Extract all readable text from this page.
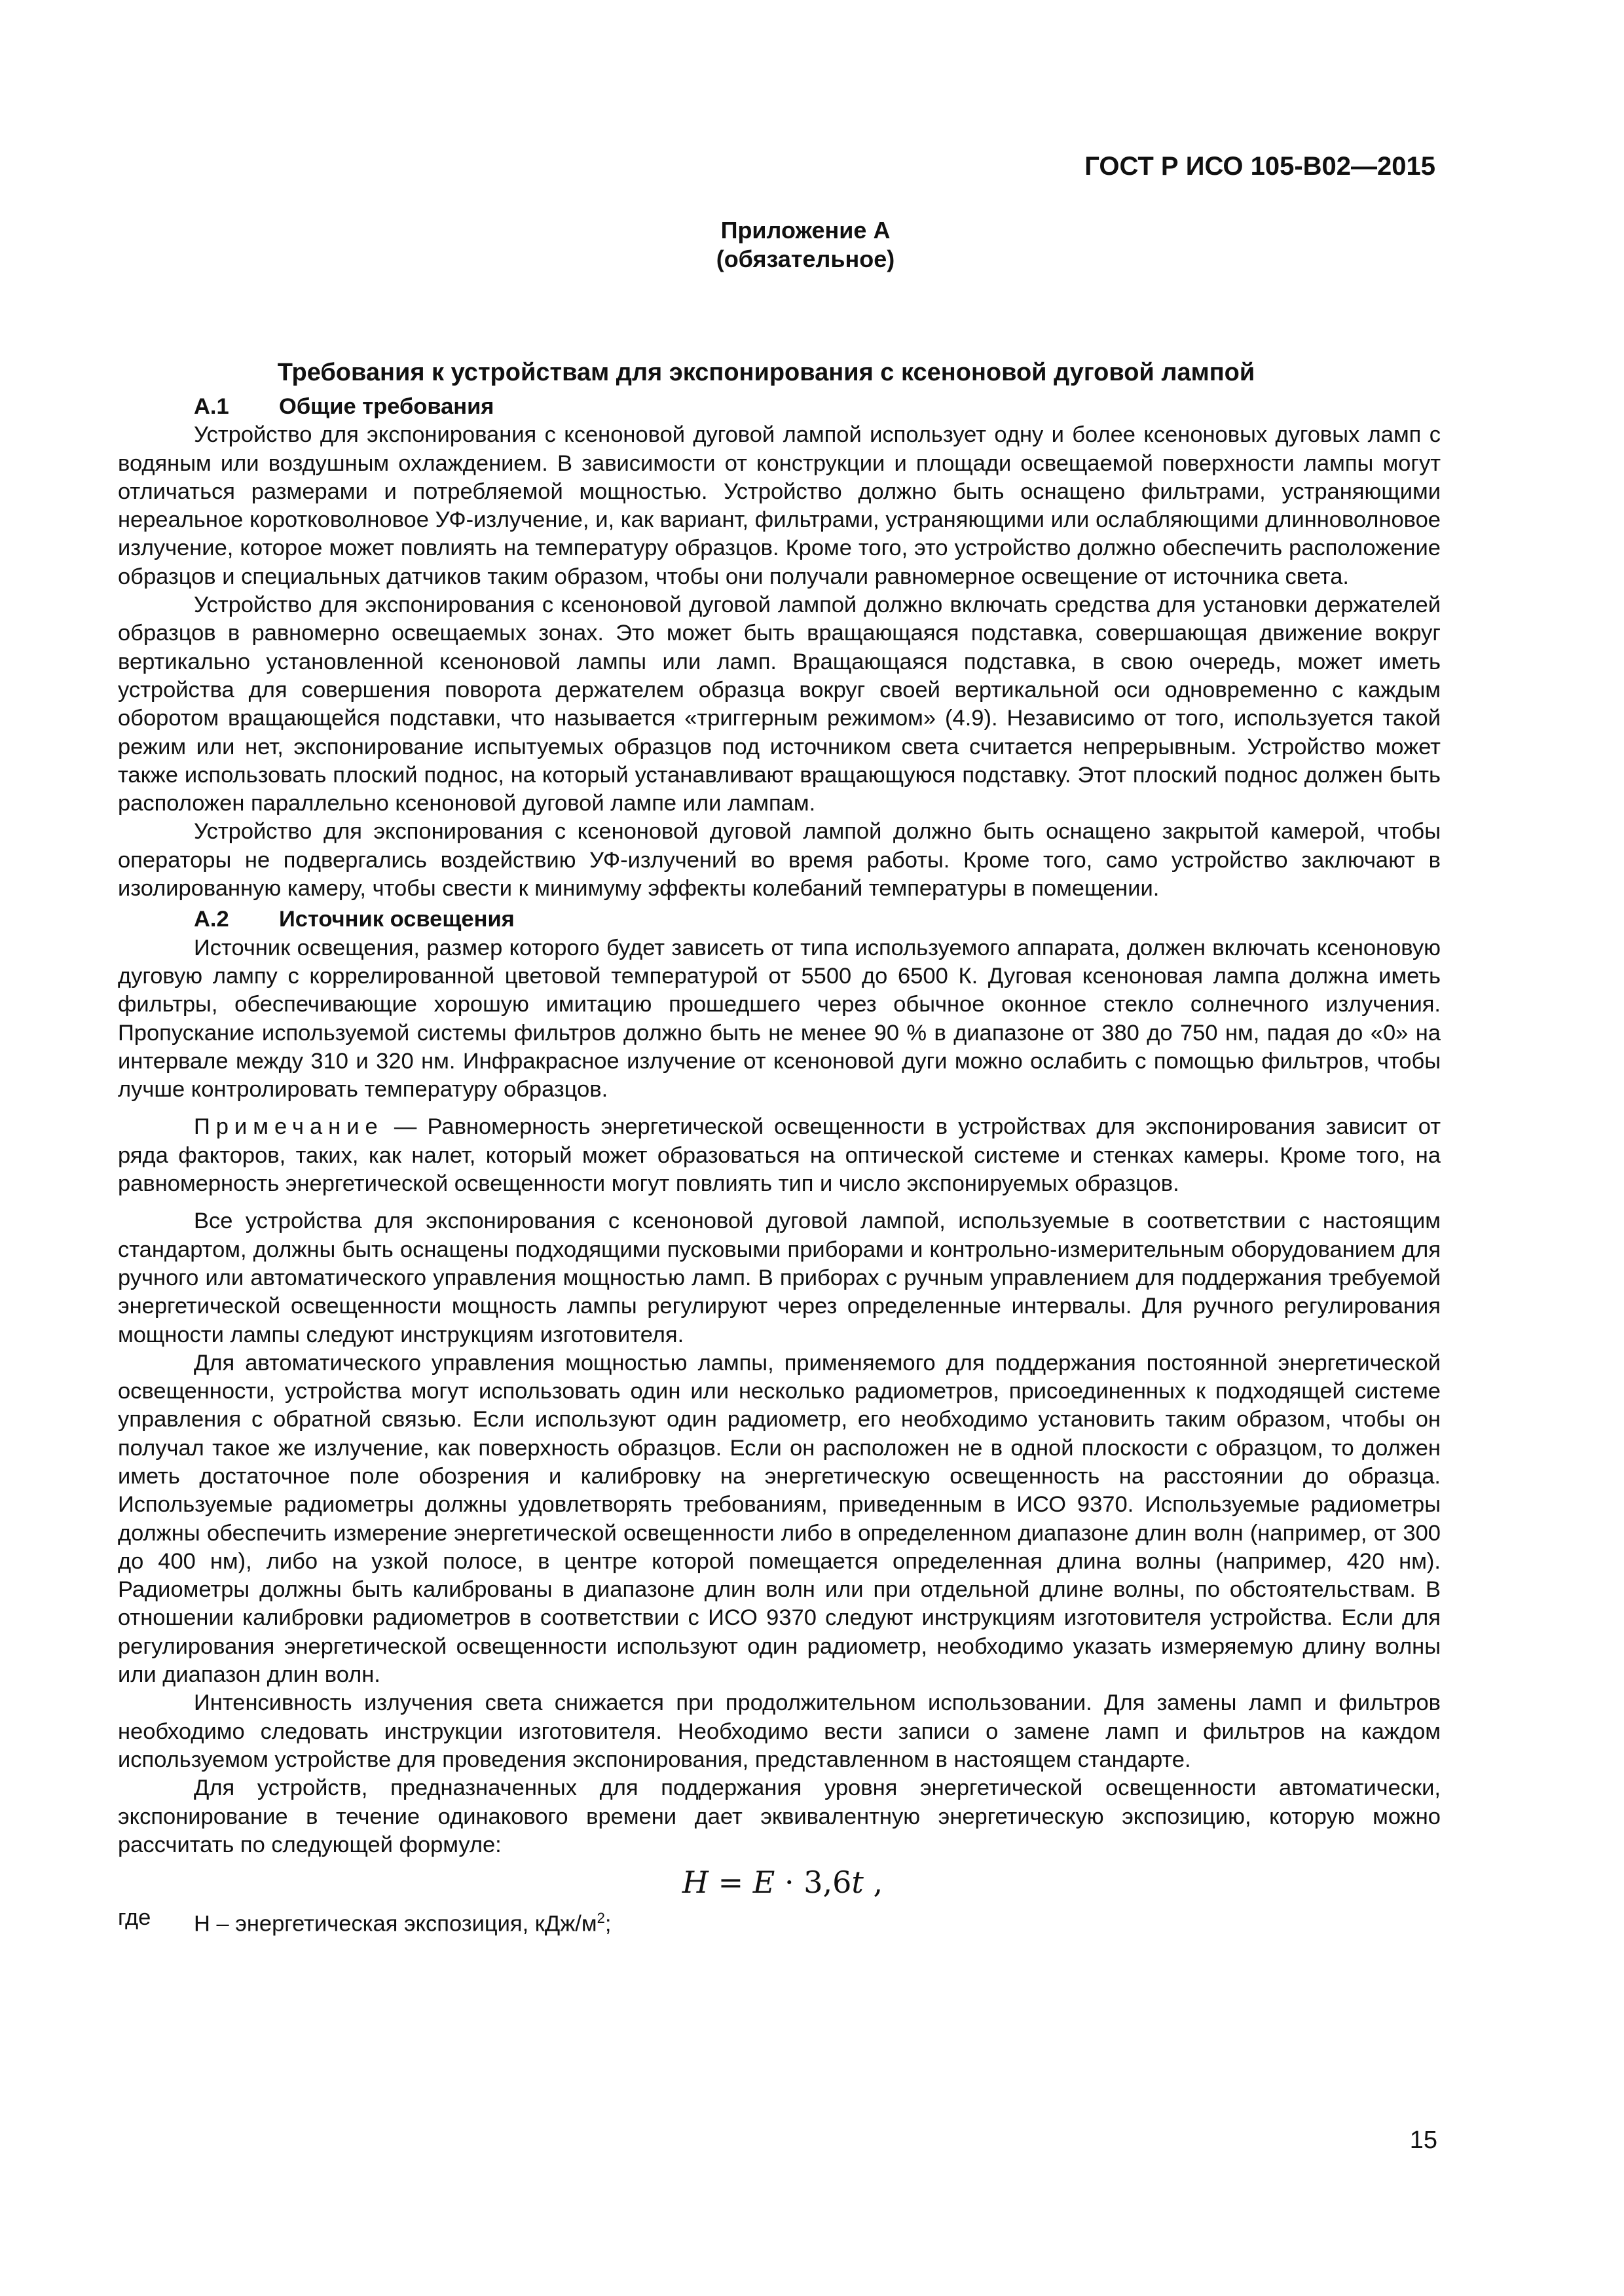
ГОСТ Р ИСО 105-В02—2015
Приложение А
(обязательное)
Требования к устройствам для экспонирования с ксеноновой дуговой лампой
А.1 Общие требования

Устройство для экспонирования с ксеноновой дуговой лампой использует одну и более ксеноновых дуговых ламп с водяным или воздушным охлаждением. В зависимости от конструкции и площади освещаемой поверхности лампы могут отличаться размерами и потребляемой мощностью. Устройство должно быть оснащено фильтрами, устраняющими нереальное коротковолновое УФ-излучение, и, как вариант, фильтрами, устраняющими или ослабляющими длинноволновое излучение, которое может повлиять на температуру образцов. Кроме того, это устройство должно обеспечить расположение образцов и специальных датчиков таким образом, чтобы они получали равномерное освещение от источника света.

Устройство для экспонирования с ксеноновой дуговой лампой должно включать средства для установки держателей образцов в равномерно освещаемых зонах. Это может быть вращающаяся подставка, совершающая движение вокруг вертикально установленной ксеноновой лампы или ламп. Вращающаяся подставка, в свою очередь, может иметь устройства для совершения поворота держателем образца вокруг своей вертикальной оси одновременно с каждым оборотом вращающейся подставки, что называется «триггерным режимом» (4.9). Независимо от того, используется такой режим или нет, экспонирование испытуемых образцов под источником света считается непрерывным. Устройство может также использовать плоский поднос, на который устанавливают вращающуюся подставку. Этот плоский поднос должен быть расположен параллельно ксеноновой дуговой лампе или лампам.

Устройство для экспонирования с ксеноновой дуговой лампой должно быть оснащено закрытой камерой, чтобы операторы не подвергались воздействию УФ-излучений во время работы. Кроме того, само устройство заключают в изолированную камеру, чтобы свести к минимуму эффекты колебаний температуры в помещении.

А.2 Источник освещения

Источник освещения, размер которого будет зависеть от типа используемого аппарата, должен включать ксеноновую дуговую лампу с коррелированной цветовой температурой от 5500 до 6500 К. Дуговая ксеноновая лампа должна иметь фильтры, обеспечивающие хорошую имитацию прошедшего через обычное оконное стекло солнечного излучения. Пропускание используемой системы фильтров должно быть не менее 90 % в диапазоне от 380 до 750 нм, падая до «0» на интервале между 310 и 320 нм. Инфракрасное излучение от ксеноновой дуги можно ослабить с помощью фильтров, чтобы лучше контролировать температуру образцов.

Примечание — Равномерность энергетической освещенности в устройствах для экспонирования зависит от ряда факторов, таких, как налет, который может образоваться на оптической системе и стенках камеры. Кроме того, на равномерность энергетической освещенности могут повлиять тип и число экспонируемых образцов.

Все устройства для экспонирования с ксеноновой дуговой лампой, используемые в соответствии с настоящим стандартом, должны быть оснащены подходящими пусковыми приборами и контрольно-измерительным оборудованием для ручного или автоматического управления мощностью ламп. В приборах с ручным управлением для поддержания требуемой энергетической освещенности мощность лампы регулируют через определенные интервалы. Для ручного регулирования мощности лампы следуют инструкциям изготовителя.

Для автоматического управления мощностью лампы, применяемого для поддержания постоянной энергетической освещенности, устройства могут использовать один или несколько радиометров, присоединенных к подходящей системе управления с обратной связью. Если используют один радиометр, его необходимо установить таким образом, чтобы он получал такое же излучение, как поверхность образцов. Если он расположен не в одной плоскости с образцом, то должен иметь достаточное поле обозрения и калибровку на энергетическую освещенность на расстоянии до образца. Используемые радиометры должны удовлетворять требованиям, приведенным в ИСО 9370. Используемые радиометры должны обеспечить измерение энергетической освещенности либо в определенном диапазоне длин волн (например, от 300 до 400 нм), либо на узкой полосе, в центре которой помещается определенная длина волны (например, 420 нм). Радиометры должны быть калиброваны в диапазоне длин волн или при отдельной длине волны, по обстоятельствам. В отношении калибровки радиометров в соответствии с ИСО 9370 следуют инструкциям изготовителя устройства. Если для регулирования энергетической освещенности используют один радиометр, необходимо указать измеряемую длину волны или диапазон длин волн.

Интенсивность излучения света снижается при продолжительном использовании. Для замены ламп и фильтров необходимо следовать инструкции изготовителя. Необходимо вести записи о замене ламп и фильтров на каждом используемом устройстве для проведения экспонирования, представленном в настоящем стандарте.

Для устройств, предназначенных для поддержания уровня энергетической освещенности автоматически, экспонирование в течение одинакового времени дает эквивалентную энергетическую экспозицию, которую можно рассчитать по следующей формуле:

H = E · 3,6t ,
где	H – энергетическая экспозиция, кДж/$м^2$;
15
